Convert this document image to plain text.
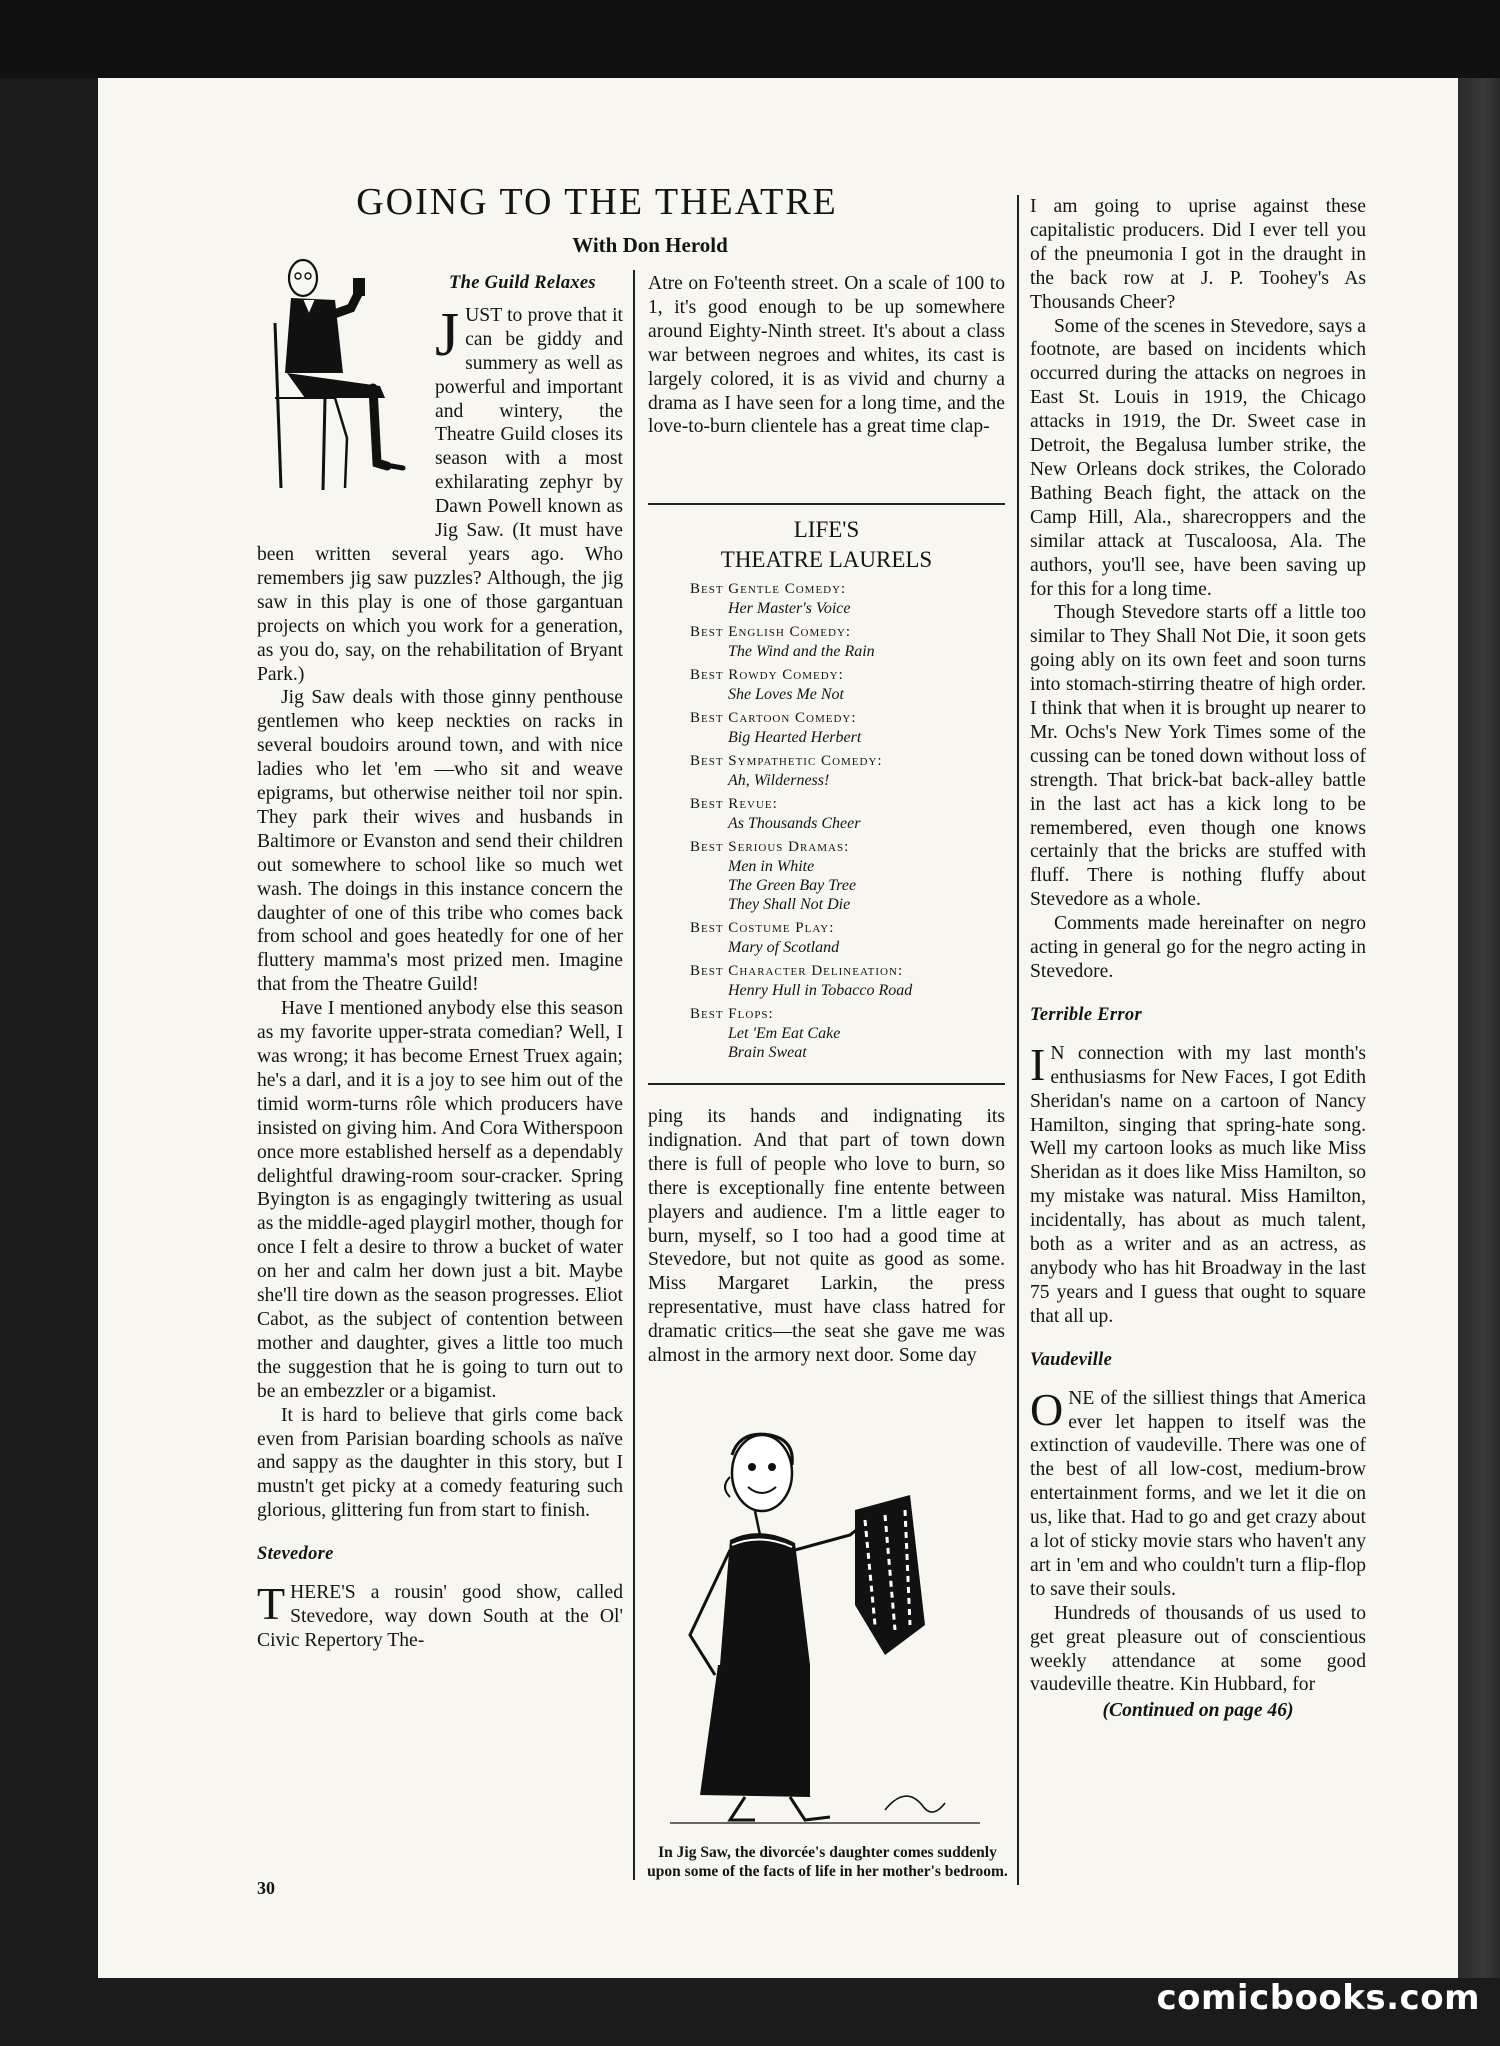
GOING TO THE THEATRE
With Don Herold
The Guild Relaxes
J UST to prove that it can be giddy and summery as well as powerful and important and wintery, the Theatre Guild closes its season with a most exhilarating zephyr by Dawn Powell known as Jig Saw. (It must have been written several years ago. Who remembers jig saw puzzles? Although, the jig saw in this play is one of those gargantuan projects on which you work for a generation, as you do, say, on the rehabilitation of Bryant Park.)

Jig Saw deals with those ginny penthouse gentlemen who keep neckties on racks in several boudoirs around town, and with nice ladies who let 'em —who sit and weave epigrams, but otherwise neither toil nor spin. They park their wives and husbands in Baltimore or Evanston and send their children out somewhere to school like so much wet wash. The doings in this instance concern the daughter of one of this tribe who comes back from school and goes heatedly for one of her fluttery mamma's most prized men. Imagine that from the Theatre Guild!

Have I mentioned anybody else this season as my favorite upper-strata comedian? Well, I was wrong; it has become Ernest Truex again; he's a darl, and it is a joy to see him out of the timid worm-turns rôle which producers have insisted on giving him. And Cora Witherspoon once more established herself as a dependably delightful drawing-room sour-cracker. Spring Byington is as engagingly twittering as usual as the middle-aged playgirl mother, though for once I felt a desire to throw a bucket of water on her and calm her down just a bit. Maybe she'll tire down as the season progresses. Eliot Cabot, as the subject of contention between mother and daughter, gives a little too much the suggestion that he is going to turn out to be an embezzler or a bigamist.

It is hard to believe that girls come back even from Parisian boarding schools as naïve and sappy as the daughter in this story, but I mustn't get picky at a comedy featuring such glorious, glittering fun from start to finish.

Stevedore
T HERE'S a rousin' good show, called Stevedore, way down South at the Ol' Civic Repertory The-

Atre on Fo'teenth street. On a scale of 100 to 1, it's good enough to be up somewhere around Eighty-Ninth street. It's about a class war between negroes and whites, its cast is largely colored, it is as vivid and churny a drama as I have seen for a long time, and the love-to-burn clientele has a great time clap-

LIFE'S
THEATRE LAURELS
Best Gentle Comedy:
Her Master's Voice
Best English Comedy:
The Wind and the Rain
Best Rowdy Comedy:
She Loves Me Not
Best Cartoon Comedy:
Big Hearted Herbert
Best Sympathetic Comedy:
Ah, Wilderness!
Best Revue:
As Thousands Cheer
Best Serious Dramas:
Men in White
The Green Bay Tree
They Shall Not Die
Best Costume Play:
Mary of Scotland
Best Character Delineation:
Henry Hull in Tobacco Road
Best Flops:
Let 'Em Eat Cake
Brain Sweat

ping its hands and indignating its indignation. And that part of town down there is full of people who love to burn, so there is exceptionally fine entente between players and audience. I'm a little eager to burn, myself, so I too had a good time at Stevedore, but not quite as good as some. Miss Margaret Larkin, the press representative, must have class hatred for dramatic critics—the seat she gave me was almost in the armory next door. Some day

In Jig Saw, the divorcée's daughter comes suddenly upon some of the facts of life in her mother's bedroom.

I am going to uprise against these capitalistic producers. Did I ever tell you of the pneumonia I got in the draught in the back row at J. P. Toohey's As Thousands Cheer?

Some of the scenes in Stevedore, says a footnote, are based on incidents which occurred during the attacks on negroes in East St. Louis in 1919, the Chicago attacks in 1919, the Dr. Sweet case in Detroit, the Begalusa lumber strike, the New Orleans dock strikes, the Colorado Bathing Beach fight, the attack on the Camp Hill, Ala., sharecroppers and the similar attack at Tuscaloosa, Ala. The authors, you'll see, have been saving up for this for a long time.

Though Stevedore starts off a little too similar to They Shall Not Die, it soon gets going ably on its own feet and soon turns into stomach-stirring theatre of high order. I think that when it is brought up nearer to Mr. Ochs's New York Times some of the cussing can be toned down without loss of strength. That brick-bat back-alley battle in the last act has a kick long to be remembered, even though one knows certainly that the bricks are stuffed with fluff. There is nothing fluffy about Stevedore as a whole.

Comments made hereinafter on negro acting in general go for the negro acting in Stevedore.

Terrible Error
I N connection with my last month's enthusiasms for New Faces, I got Edith Sheridan's name on a cartoon of Nancy Hamilton, singing that spring-hate song. Well my cartoon looks as much like Miss Sheridan as it does like Miss Hamilton, so my mistake was natural. Miss Hamilton, incidentally, has about as much talent, both as a writer and as an actress, as anybody who has hit Broadway in the last 75 years and I guess that ought to square that all up.

Vaudeville
O NE of the silliest things that America ever let happen to itself was the extinction of vaudeville. There was one of the best of all low-cost, medium-brow entertainment forms, and we let it die on us, like that. Had to go and get crazy about a lot of sticky movie stars who haven't any art in 'em and who couldn't turn a flip-flop to save their souls.

Hundreds of thousands of us used to get great pleasure out of conscientious weekly attendance at some good vaudeville theatre. Kin Hubbard, for

(Continued on page 46)
30
comicbooks.com
